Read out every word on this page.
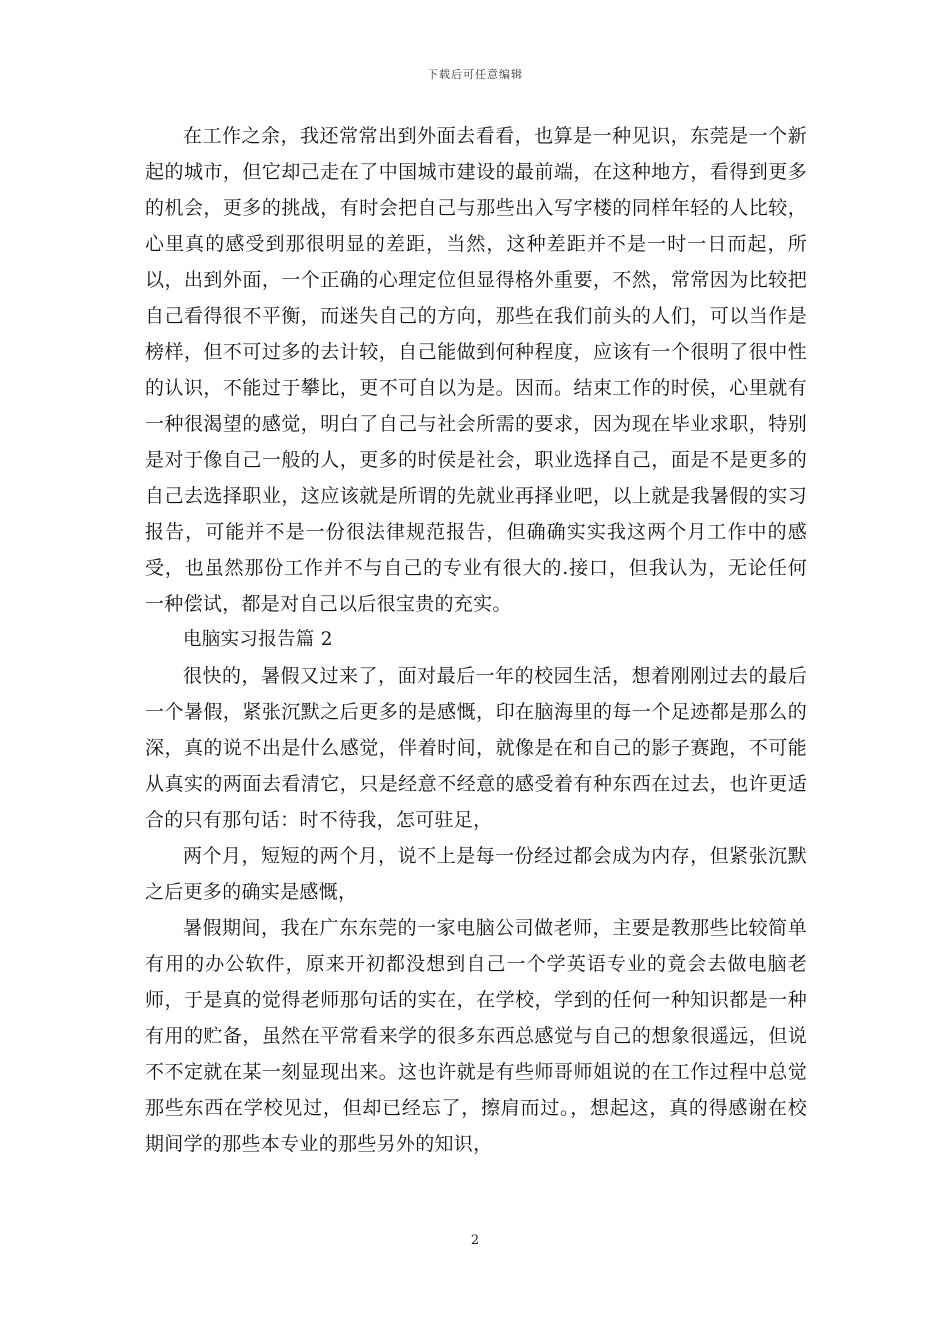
下载后可任意编辑

在工作之余，我还常常出到外面去看看，也算是一种见识，东莞是一个新起的城市，但它却己走在了中国城市建设的最前端，在这种地方，看得到更多的机会，更多的挑战，有时会把自己与那些出入写字楼的同样年轻的人比较，心里真的感受到那很明显的差距，当然，这种差距并不是一时一日而起，所以，出到外面，一个正确的心理定位但显得格外重要，不然，常常因为比较把自己看得很不平衡，而迷失自己的方向，那些在我们前头的人们，可以当作是榜样，但不可过多的去计较，自己能做到何种程度，应该有一个很明了很中性的认识，不能过于攀比，更不可自以为是。因而。结束工作的时侯，心里就有一种很渴望的感觉，明白了自己与社会所需的要求，因为现在毕业求职，特别是对于像自己一般的人，更多的时侯是社会，职业选择自己，面是不是更多的自己去选择职业，这应该就是所谓的先就业再择业吧，以上就是我暑假的实习报告，可能并不是一份很法律规范报告，但确确实实我这两个月工作中的感受，也虽然那份工作并不与自己的专业有很大的.接口，但我认为，无论任何一种偿试，都是对自己以后很宝贵的充实。

电脑实习报告篇 2

很快的，暑假又过来了，面对最后一年的校园生活，想着刚刚过去的最后一个暑假，紧张沉默之后更多的是感慨，印在脑海里的每一个足迹都是那么的深，真的说不出是什么感觉，伴着时间，就像是在和自己的影子赛跑，不可能从真实的两面去看清它，只是经意不经意的感受着有种东西在过去，也许更适合的只有那句话：时不待我，怎可驻足，

两个月，短短的两个月，说不上是每一份经过都会成为内存，但紧张沉默之后更多的确实是感慨，

暑假期间，我在广东东莞的一家电脑公司做老师，主要是教那些比较简单有用的办公软件，原来开初都没想到自己一个学英语专业的竟会去做电脑老师，于是真的觉得老师那句话的实在，在学校，学到的任何一种知识都是一种有用的贮备，虽然在平常看来学的很多东西总感觉与自己的想象很遥远，但说不不定就在某一刻显现出来。这也许就是有些师哥师姐说的在工作过程中总觉那些东西在学校见过，但却已经忘了，擦肩而过。，想起这，真的得感谢在校期间学的那些本专业的那些另外的知识，

2
